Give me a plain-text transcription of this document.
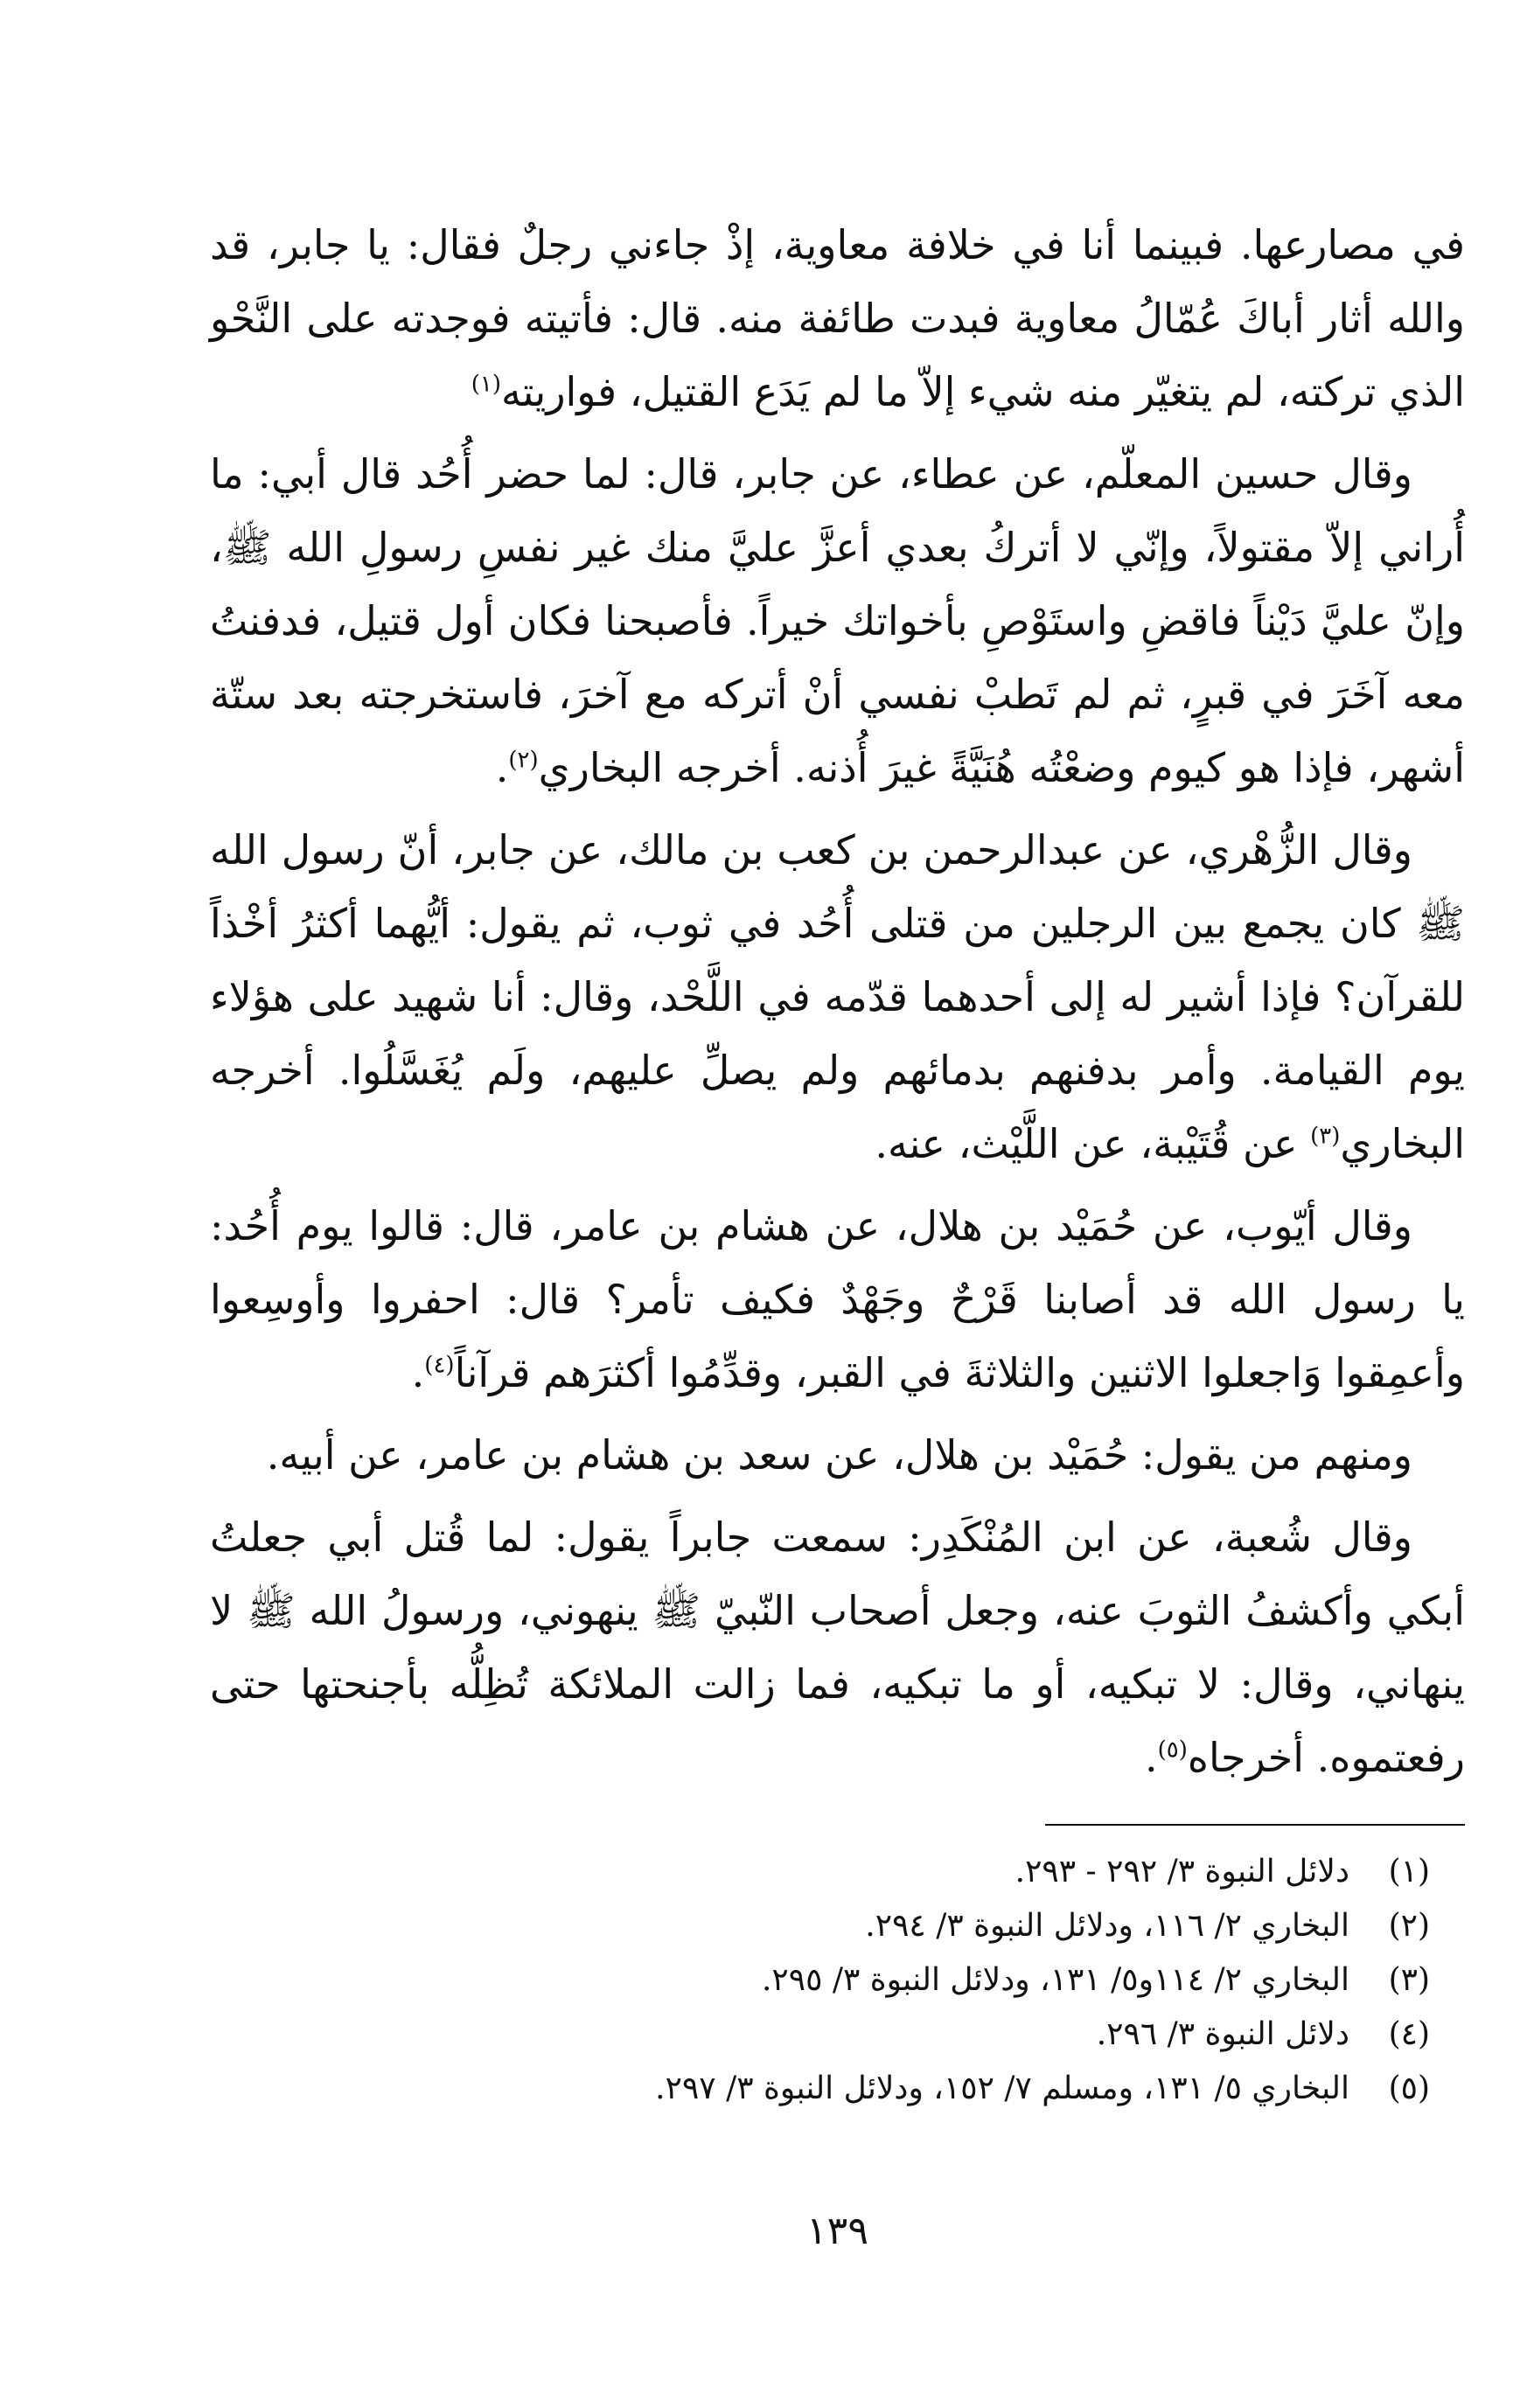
في مصارعها. فبينما أنا في خلافة معاوية، إذْ جاءني رجلٌ فقال: يا جابر، قد والله أثار أباكَ عُمّالُ معاوية فبدت طائفة منه. قال: فأتيته فوجدته على النَّحْو الذي تركته، لم يتغيّر منه شيء إلاّ ما لم يَدَع القتيل، فواريته$^{(١)}$

وقال حسين المعلّم، عن عطاء، عن جابر، قال: لما حضر أُحُد قال أبي: ما أُراني إلاّ مقتولاً، وإنّي لا أتركُ بعدي أعزَّ عليَّ منك غير نفسِ رسولِ الله ﷺ، وإنّ عليَّ دَيْناً فاقضِ واستَوْصِ بأخواتك خيراً. فأصبحنا فكان أول قتيل، فدفنتُ معه آخَرَ في قبرٍ، ثم لم تَطبْ نفسي أنْ أتركه مع آخرَ، فاستخرجته بعد ستّة أشهر، فإذا هو كيوم وضعْتُه هُنَيَّةً غيرَ أُذنه. أخرجه البخاري$^{(٢)}$.

وقال الزُّهْري، عن عبدالرحمن بن كعب بن مالك، عن جابر، أنّ رسول الله ﷺ كان يجمع بين الرجلين من قتلى أُحُد في ثوب، ثم يقول: أيُّهما أكثرُ أخْذاً للقرآن؟ فإذا أشير له إلى أحدهما قدّمه في اللَّحْد، وقال: أنا شهيد على هؤلاء يوم القيامة. وأمر بدفنهم بدمائهم ولم يصلِّ عليهم، ولَم يُغَسَّلُوا. أخرجه البخاري$^{(٣)}$ عن قُتَيْبة، عن اللَّيْث، عنه.

وقال أيّوب، عن حُمَيْد بن هلال، عن هشام بن عامر، قال: قالوا يوم أُحُد: يا رسول الله قد أصابنا قَرْحٌ وجَهْدٌ فكيف تأمر؟ قال: احفروا وأوسِعوا وأعمِقوا وَاجعلوا الاثنين والثلاثةَ في القبر، وقدِّمُوا أكثرَهم قرآناً$^{(٤)}$.

ومنهم من يقول: حُمَيْد بن هلال، عن سعد بن هشام بن عامر، عن أبيه.

وقال شُعبة، عن ابن المُنْكَدِر: سمعت جابراً يقول: لما قُتل أبي جعلتُ أبكي وأكشفُ الثوبَ عنه، وجعل أصحاب النّبيّ ﷺ ينهوني، ورسولُ الله ﷺ لا ينهاني، وقال: لا تبكيه، أو ما تبكيه، فما زالت الملائكة تُظِلُّه بأجنحتها حتى رفعتموه. أخرجاه$^{(٥)}$.

(١)
دلائل النبوة ٣/ ٢٩٢ - ٢٩٣.
(٢)
البخاري ٢/ ١١٦، ودلائل النبوة ٣/ ٢٩٤.
(٣)
البخاري ٢/ ١١٤و٥/ ١٣١، ودلائل النبوة ٣/ ٢٩٥.
(٤)
دلائل النبوة ٣/ ٢٩٦.
(٥)
البخاري ٥/ ١٣١، ومسلم ٧/ ١٥٢، ودلائل النبوة ٣/ ٢٩٧.
١٣٩
